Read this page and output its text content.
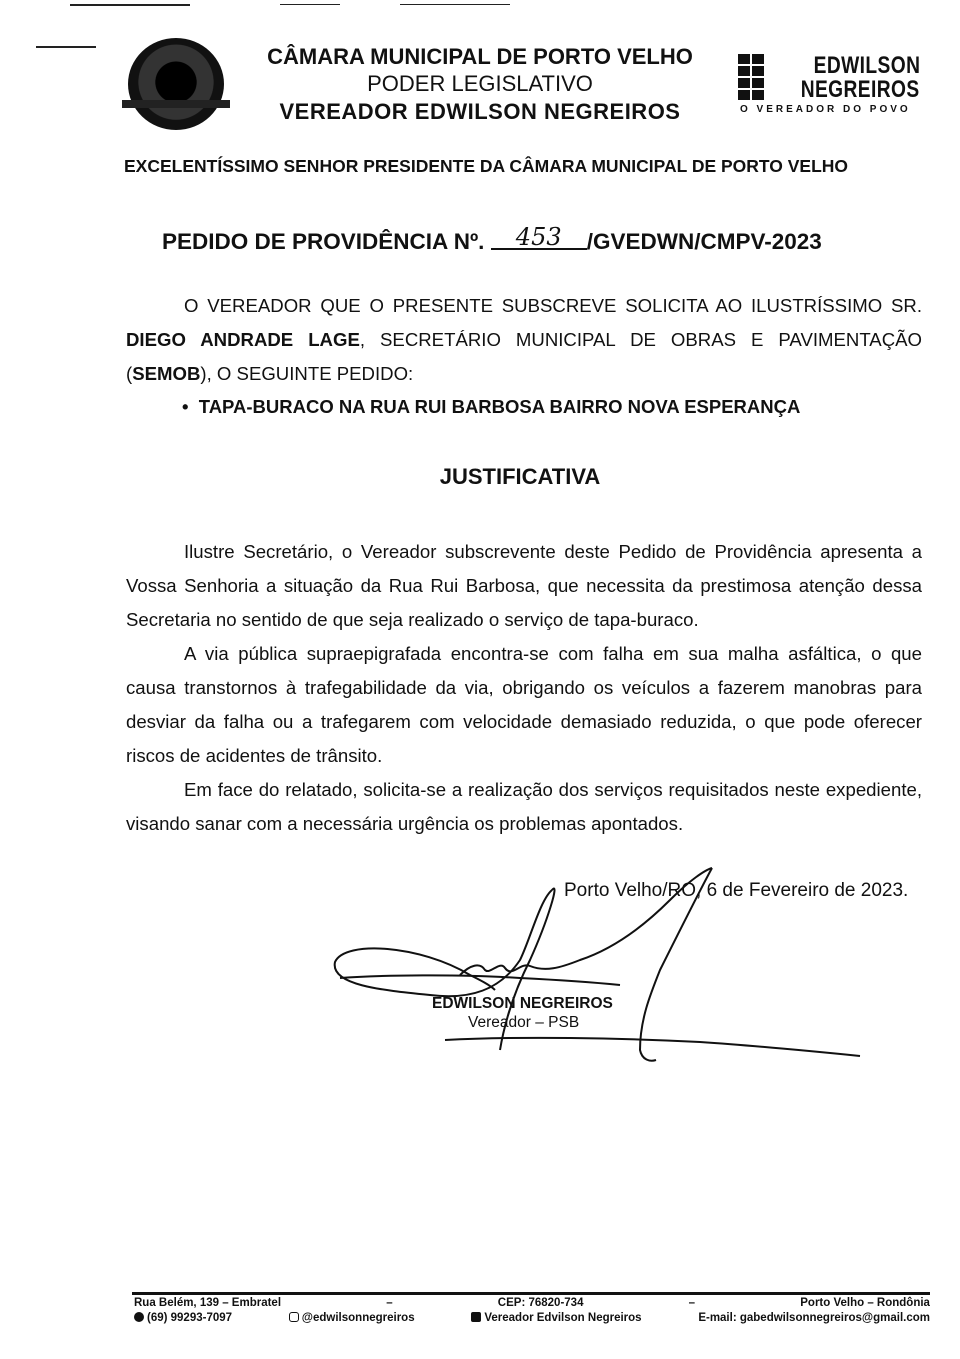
CÂMARA MUNICIPAL DE PORTO VELHO
PODER LEGISLATIVO
VEREADOR EDWILSON NEGREIROS
EDWILSON
NEGREIROS
O VEREADOR DO POVO
EXCELENTÍSSIMO SENHOR PRESIDENTE DA CÂMARA MUNICIPAL DE PORTO VELHO
PEDIDO DE PROVIDÊNCIA Nº. 453 /GVEDWN/CMPV-2023
O VEREADOR QUE O PRESENTE SUBSCREVE SOLICITA AO ILUSTRÍSSIMO SR. DIEGO ANDRADE LAGE, SECRETÁRIO MUNICIPAL DE OBRAS E PAVIMENTAÇÃO (SEMOB), O SEGUINTE PEDIDO:
•  TAPA-BURACO NA RUA RUI BARBOSA BAIRRO NOVA ESPERANÇA
JUSTIFICATIVA
Ilustre Secretário, o Vereador subscrevente deste Pedido de Providência apresenta a Vossa Senhoria a situação da Rua Rui Barbosa, que necessita da prestimosa atenção dessa Secretaria no sentido de que seja realizado o serviço de tapa-buraco.
A via pública supraepigrafada encontra-se com falha em sua malha asfáltica, o que causa transtornos à trafegabilidade da via, obrigando os veículos a fazerem manobras para desviar da falha ou a trafegarem com velocidade demasiado reduzida, o que pode oferecer riscos de acidentes de trânsito.
Em face do relatado, solicita-se a realização dos serviços requisitados neste expediente, visando sanar com a necessária urgência os problemas apontados.
Porto Velho/RO, 6 de Fevereiro de 2023.
EDWILSON NEGREIROS
Vereador – PSB
Rua Belém, 139 – Embratel	–	CEP: 76820-734	–	Porto Velho – Rondônia
(69) 99293-7097	@edwilsonnegreiros	Vereador Edvilson Negreiros	E-mail: gabedwilsonnegreiros@gmail.com
